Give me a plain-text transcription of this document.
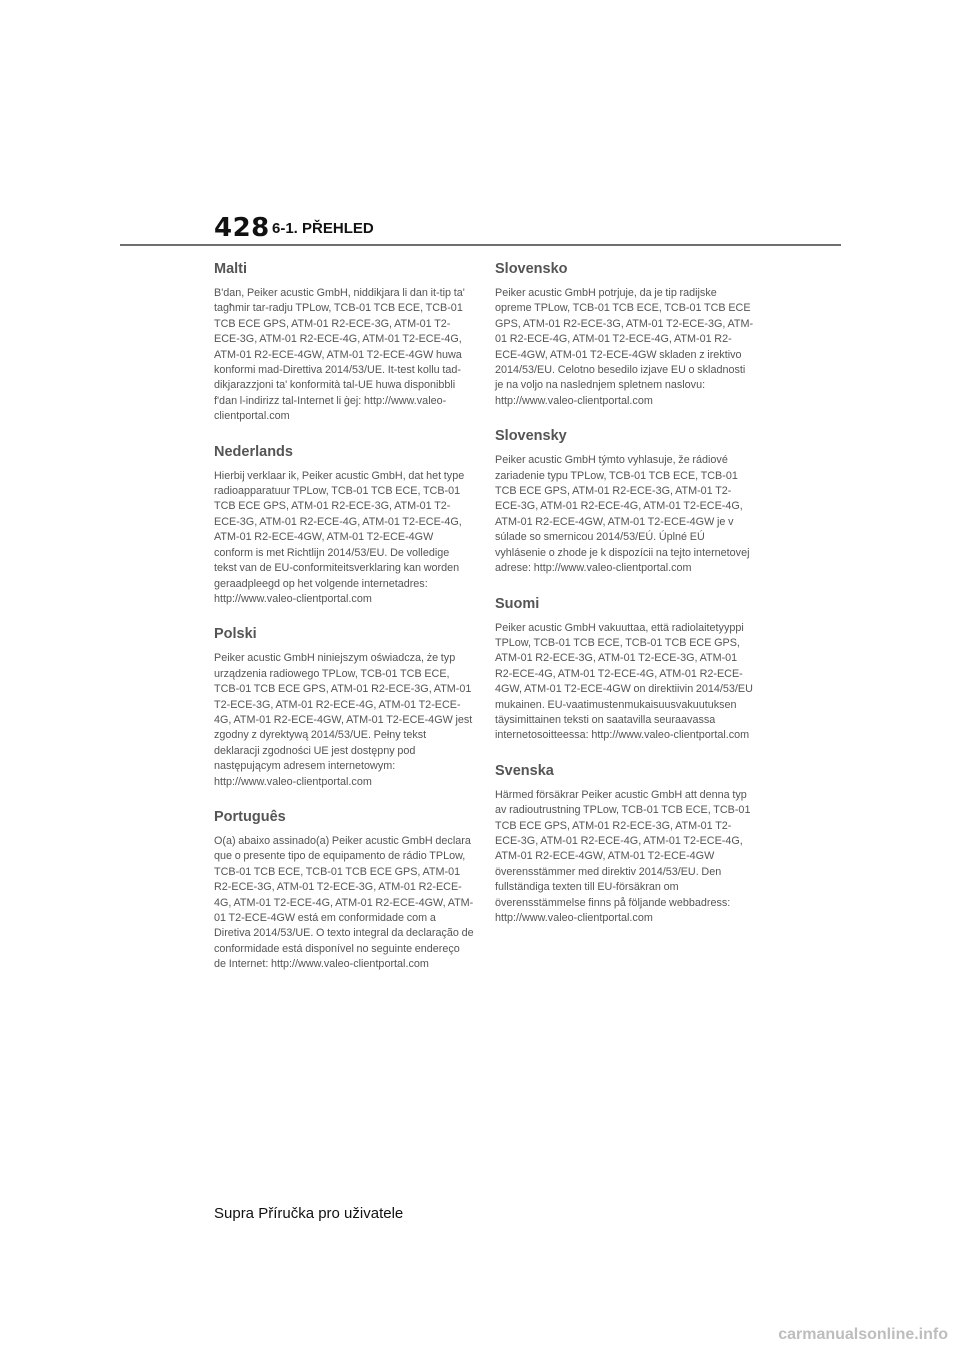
428 6-1. PŘEHLED
Malti

B'dan, Peiker acustic GmbH, niddikjara li dan it-tip ta' tagħmir tar-radju TPLow, TCB-01 TCB ECE, TCB-01 TCB ECE GPS, ATM-01 R2-ECE-3G, ATM-01 T2-ECE-3G, ATM-01 R2-ECE-4G, ATM-01 T2-ECE-4G, ATM-01 R2-ECE-4GW, ATM-01 T2-ECE-4GW huwa konformi mad-Direttiva 2014/53/UE. It-test kollu tad-dikjarazzjoni ta' konformità tal-UE huwa disponibbli f'dan l-indirizz tal-Internet li ġej: http://www.valeo-clientportal.com

Nederlands

Hierbij verklaar ik, Peiker acustic GmbH, dat het type radioapparatuur TPLow, TCB-01 TCB ECE, TCB-01 TCB ECE GPS, ATM-01 R2-ECE-3G, ATM-01 T2-ECE-3G, ATM-01 R2-ECE-4G, ATM-01 T2-ECE-4G, ATM-01 R2-ECE-4GW, ATM-01 T2-ECE-4GW conform is met Richtlijn 2014/53/EU. De volledige tekst van de EU-conformiteitsverklaring kan worden geraadpleegd op het volgende internetadres: http://www.valeo-clientportal.com

Polski

Peiker acustic GmbH niniejszym oświadcza, że typ urządzenia radiowego TPLow, TCB-01 TCB ECE, TCB-01 TCB ECE GPS, ATM-01 R2-ECE-3G, ATM-01 T2-ECE-3G, ATM-01 R2-ECE-4G, ATM-01 T2-ECE-4G, ATM-01 R2-ECE-4GW, ATM-01 T2-ECE-4GW jest zgodny z dyrektywą 2014/53/UE. Pełny tekst deklaracji zgodności UE jest dostępny pod następującym adresem internetowym: http://www.valeo-clientportal.com

Português

O(a) abaixo assinado(a) Peiker acustic GmbH declara que o presente tipo de equipamento de rádio TPLow, TCB-01 TCB ECE, TCB-01 TCB ECE GPS, ATM-01 R2-ECE-3G, ATM-01 T2-ECE-3G, ATM-01 R2-ECE-4G, ATM-01 T2-ECE-4G, ATM-01 R2-ECE-4GW, ATM-01 T2-ECE-4GW está em conformidade com a Diretiva 2014/53/UE. O texto integral da declaração de conformidade está disponível no seguinte endereço de Internet: http://www.valeo-clientportal.com

Slovensko

Peiker acustic GmbH potrjuje, da je tip radijske opreme TPLow, TCB-01 TCB ECE, TCB-01 TCB ECE GPS, ATM-01 R2-ECE-3G, ATM-01 T2-ECE-3G, ATM-01 R2-ECE-4G, ATM-01 T2-ECE-4G, ATM-01 R2-ECE-4GW, ATM-01 T2-ECE-4GW skladen z irektivo 2014/53/EU. Celotno besedilo izjave EU o skladnosti je na voljo na naslednjem spletnem naslovu: http://www.valeo-clientportal.com

Slovensky

Peiker acustic GmbH týmto vyhlasuje, že rádiové zariadenie typu TPLow, TCB-01 TCB ECE, TCB-01 TCB ECE GPS, ATM-01 R2-ECE-3G, ATM-01 T2-ECE-3G, ATM-01 R2-ECE-4G, ATM-01 T2-ECE-4G, ATM-01 R2-ECE-4GW, ATM-01 T2-ECE-4GW je v súlade so smernicou 2014/53/EÚ. Úplné EÚ vyhlásenie o zhode je k dispozícii na tejto internetovej adrese: http://www.valeo-clientportal.com

Suomi

Peiker acustic GmbH vakuuttaa, että radiolaitetyyppi TPLow, TCB-01 TCB ECE, TCB-01 TCB ECE GPS, ATM-01 R2-ECE-3G, ATM-01 T2-ECE-3G, ATM-01 R2-ECE-4G, ATM-01 T2-ECE-4G, ATM-01 R2-ECE-4GW, ATM-01 T2-ECE-4GW on direktiivin 2014/53/EU mukainen. EU-vaatimustenmukaisuusvakuutuksen täysimittainen teksti on saatavilla seuraavassa internetosoitteessa: http://www.valeo-clientportal.com

Svenska

Härmed försäkrar Peiker acustic GmbH att denna typ av radioutrustning TPLow, TCB-01 TCB ECE, TCB-01 TCB ECE GPS, ATM-01 R2-ECE-3G, ATM-01 T2-ECE-3G, ATM-01 R2-ECE-4G, ATM-01 T2-ECE-4G, ATM-01 R2-ECE-4GW, ATM-01 T2-ECE-4GW överensstämmer med direktiv 2014/53/EU. Den fullständiga texten till EU-försäkran om överensstämmelse finns på följande webbadress: http://www.valeo-clientportal.com

Supra Příručka pro uživatele
carmanualsonline.info
